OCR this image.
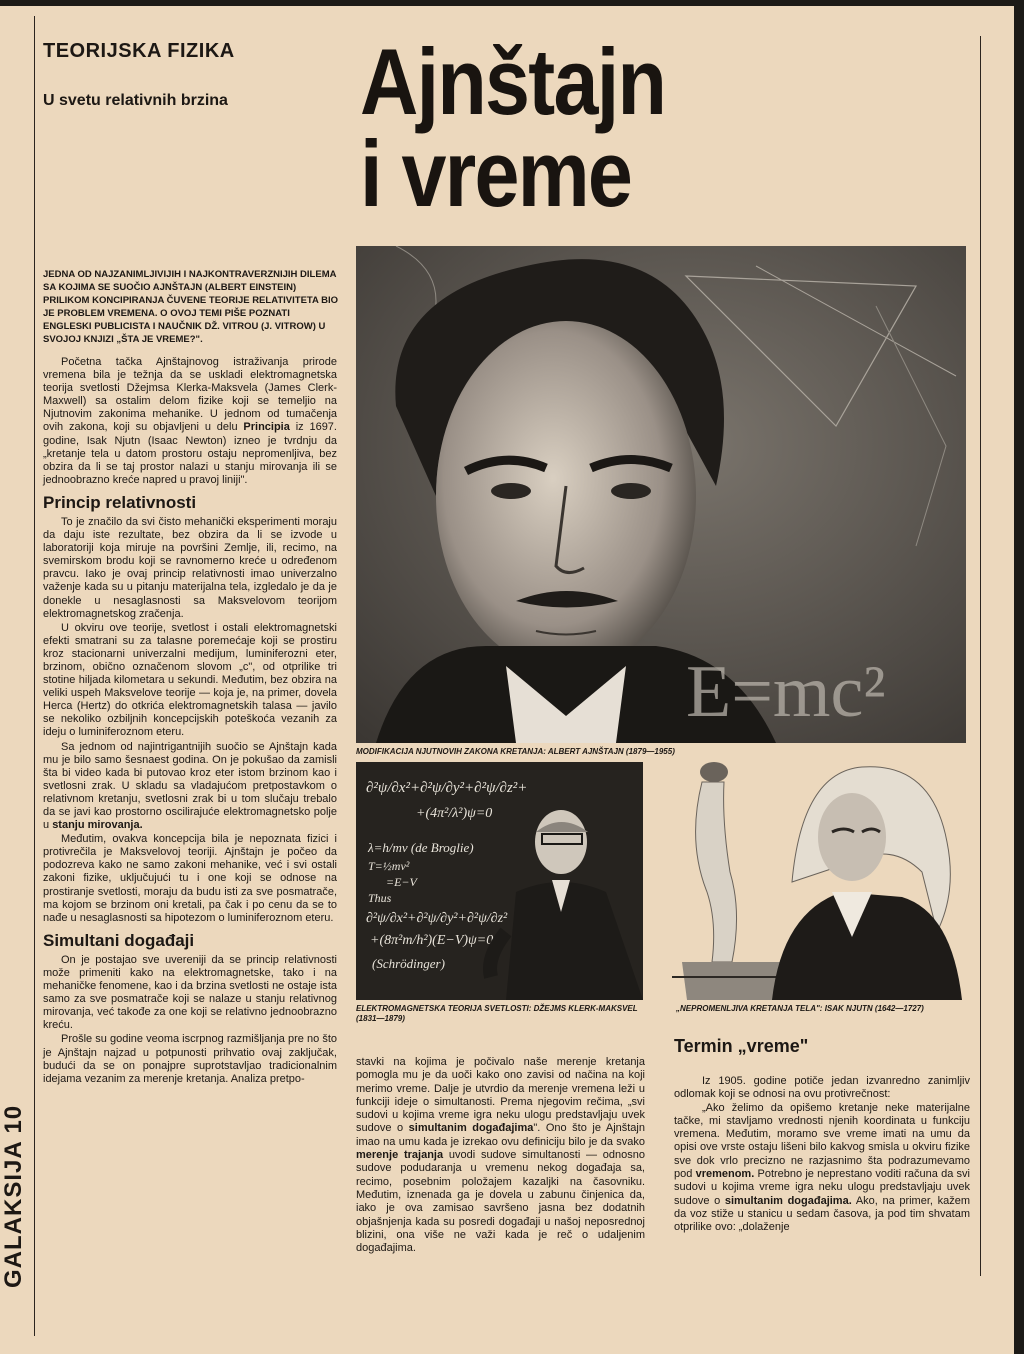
GALAKSIJA 10
TEORIJSKA FIZIKA
U svetu relativnih brzina Ajnštajn
i vreme
JEDNA OD NAJZANIMLJIVIJIH I NAJKONTRAVERZNIJIH DILEMA SA KOJIMA SE SUOČIO AJNŠTAJN (ALBERT EINSTEIN) PRILIKOM KONCIPIRANJA ČUVENE TEORIJE RELATIVITETA BIO JE PROBLEM VREMENA. O OVOJ TEMI PIŠE POZNATI ENGLESKI PUBLICISTA I NAUČNIK DŽ. VITROU (J. VITROW) U SVOJOJ KNJIZI „ŠTA JE VREME?".

Početna tačka Ajnštajnovog istraživanja prirode vremena bila je težnja da se uskladi elektromagnetska teorija svetlosti Džejmsa Klerka-Maksvela (James Clerk-Maxwell) sa ostalim delom fizike koji se temeljio na Njutnovim zakonima mehanike. U jednom od tumačenja ovih zakona, koji su objavljeni u delu Principia iz 1697. godine, Isak Njutn (Isaac Newton) izneo je tvrdnju da „kretanje tela u datom prostoru ostaju nepromenljiva, bez obzira da li se taj prostor nalazi u stanju mirovanja ili se jednoobrazno kreće napred u pravoj liniji".

Princip relativnosti

To je značilo da svi čisto mehanički eksperimenti moraju da daju iste rezultate, bez obzira da li se izvode u laboratoriji koja miruje na površini Zemlje, ili, recimo, na svemirskom brodu koji se ravnomerno kreće u određenom pravcu. Iako je ovaj princip relativnosti imao univerzalno važenje kada su u pitanju materijalna tela, izgledalo je da je donekle u nesaglasnosti sa Maksvelovom teorijom elektromagnetskog zračenja.

U okviru ove teorije, svetlost i ostali elektromagnetski efekti smatrani su za talasne poremećaje koji se prostiru kroz stacionarni univerzalni medijum, luminiferozni eter, brzinom, obično označenom slovom „c", od otprilike tri stotine hiljada kilometara u sekundi. Međutim, bez obzira na veliki uspeh Maksvelove teorije — koja je, na primer, dovela Herca (Hertz) do otkrića elektromagnetskih talasa — javilo se nekoliko ozbiljnih koncepcijskih poteškoća vezanih za ideju o luminiferoznom eteru.

Sa jednom od najintrigantnijih suočio se Ajnštajn kada mu je bilo samo šesnaest godina. On je pokušao da zamisli šta bi video kada bi putovao kroz eter istom brzinom kao i svetlosni zrak. U skladu sa vladajućom pretpostavkom o relativnom kretanju, svetlosni zrak bi u tom slučaju trebalo da se javi kao prostorno oscilirajuće elektromagnetsko polje u stanju mirovanja.

Međutim, ovakva koncepcija bila je nepoznata fizici i protivrečila je Maksvelovoj teoriji. Ajnštajn je počeo da podozreva kako ne samo zakoni mehanike, već i svi ostali zakoni fizike, uključujući tu i one koji se odnose na prostiranje svetlosti, moraju da budu isti za sve posmatrače, ma kojom se brzinom oni kretali, pa čak i po cenu da se to nađe u nesaglasnosti sa hipotezom o luminiferoznom eteru.

Simultani događaji

On je postajao sve uvereniji da se princip relativnosti može primeniti kako na elektromagnetske, tako i na mehaničke fenomene, kao i da brzina svetlosti ne ostaje ista samo za sve posmatrače koji se nalaze u stanju relativnog mirovanja, već takođe za one koji se relativno jednoobrazno kreću.

Prošle su godine veoma iscrpnog razmišljanja pre no što je Ajnštajn najzad u potpunosti prihvatio ovaj zaključak, budući da se on ponajpre suprotstavljao tradicionalnim idejama vezanim za merenje kretanja. Analiza pretpo-

E=mc²
MODIFIKACIJA NJUTNOVIH ZAKONA KRETANJA: ALBERT AJNŠTAJN (1879—1955)
∂²ψ/∂x²+∂²ψ/∂y²+∂²ψ/∂z²+
+(4π²/λ²)ψ=0
λ=h/mv (de Broglie)
T=½mv²
=E−V
Thus
∂²ψ/∂x²+∂²ψ/∂y²+∂²ψ/∂z²
+(8π²m/h²)(E−V)ψ=0
(Schrödinger)
ELEKTROMAGNETSKA TEORIJA SVETLOSTI: DŽEJMS KLERK-MAKSVEL (1831—1879)
„NEPROMENLJIVA KRETANJA TELA": ISAK NJUTN (1642—1727)

stavki na kojima je počivalo naše merenje kretanja pomogla mu je da uoči kako ono zavisi od načina na koji merimo vreme. Dalje je utvrdio da merenje vremena leži u funkciji ideje o simultanosti. Prema njegovim rečima, „svi sudovi u kojima vreme igra neku ulogu predstavljaju uvek sudove o simultanim događajima". Ono što je Ajnštajn imao na umu kada je izrekao ovu definiciju bilo je da svako merenje trajanja uvodi sudove simultanosti — odnosno sudove podudaranja u vremenu nekog događaja sa, recimo, posebnim položajem kazaljki na časovniku. Međutim, iznenada ga je dovela u zabunu činjenica da, iako je ova zamisao savršeno jasna bez dodatnih objašnjenja kada su posredi događaji u našoj neposrednoj blizini, ona više ne važi kada je reč o udaljenim događajima.

Termin „vreme"

Iz 1905. godine potiče jedan izvanredno zanimljiv odlomak koji se odnosi na ovu protivrečnost:

„Ako želimo da opišemo kretanje neke materijalne tačke, mi stavljamo vrednosti njenih koordinata u funkciju vremena. Međutim, moramo sve vreme imati na umu da opisi ove vrste ostaju lišeni bilo kakvog smisla u okviru fizike sve dok vrlo precizno ne razjasnimo šta podrazumevamo pod vremenom. Potrebno je neprestano voditi računa da svi sudovi u kojima vreme igra neku ulogu predstavljaju uvek sudove o simultanim događajima. Ako, na primer, kažem da voz stiže u stanicu u sedam časova, ja pod tim shvatam otprilike ovo: „dolaženje
